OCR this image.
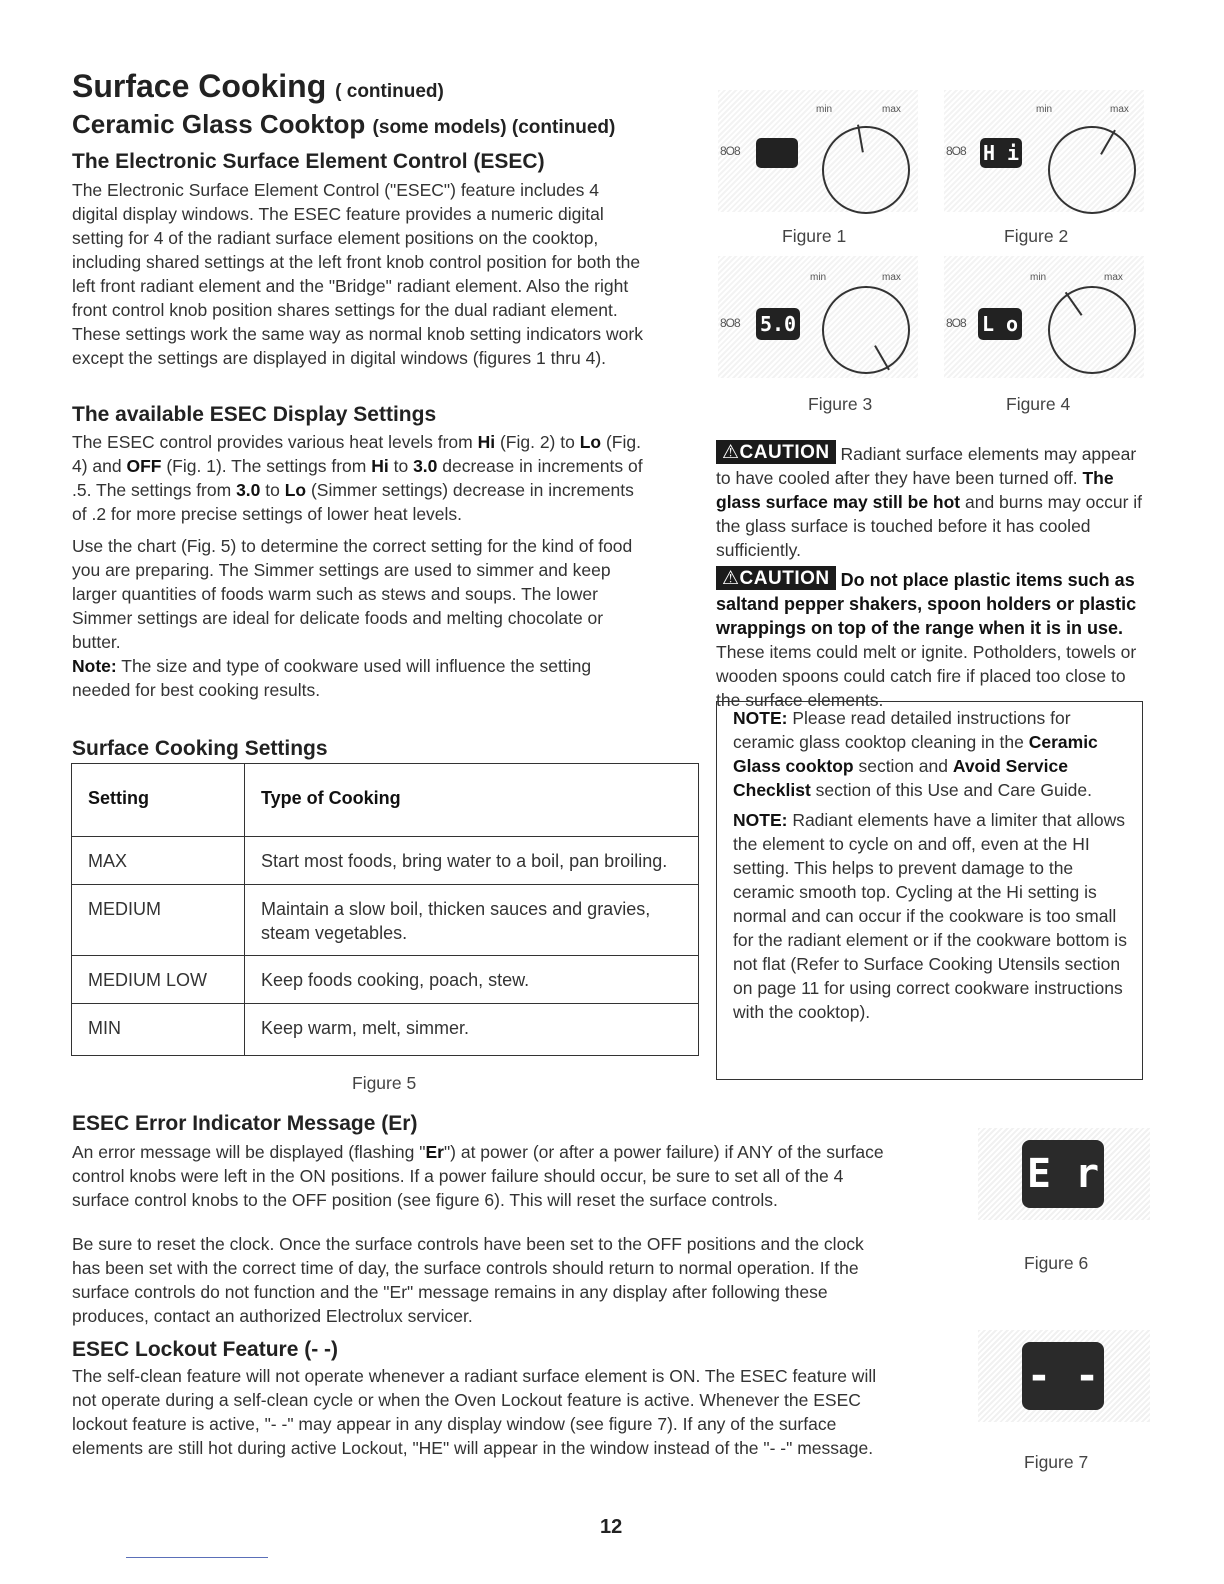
Surface Cooking ( continued)
Ceramic Glass Cooktop (some models) (continued)
The Electronic Surface Element Control (ESEC)

The Electronic Surface Element Control ("ESEC") feature includes 4 digital display windows. The ESEC feature provides a numeric digital setting for 4 of the radiant surface element positions on the cooktop, including shared settings at the left front knob control position for both the left front radiant element and the "Bridge" radiant element. Also the right front control knob position shares settings for the dual radiant element. These settings work the same way as normal knob setting indicators work except the settings are displayed in digital windows (figures 1 thru 4).

The available ESEC Display Settings

The ESEC control provides various heat levels from Hi (Fig. 2) to Lo (Fig. 4) and OFF (Fig. 1). The settings from Hi to 3.0 decrease in increments of .5. The settings from 3.0 to Lo (Simmer settings) decrease in increments of .2 for more precise settings of lower heat levels.

Use the chart (Fig. 5) to determine the correct setting for the kind of food you are preparing. The Simmer settings are used to simmer and keep larger quantities of foods warm such as stews and soups. The lower Simmer settings are ideal for delicate foods and melting chocolate or butter.

Note: The size and type of cookware used will influence the setting needed for best cooking results.

Surface Cooking Settings
Setting	Type of Cooking
MAX	Start most foods, bring water to a boil, pan broiling.
MEDIUM	Maintain a slow boil, thicken sauces and gravies, steam vegetables.
MEDIUM LOW	Keep foods cooking, poach, stew.
MIN	Keep warm, melt, simmer.
Figure 5
8O8
min	max
Figure 1
8O8 H i
min	max
Figure 2
8O8 5.0
min	max
Figure 3
8O8 L o
min	max
Figure 4

⚠CAUTION Radiant surface elements may appear to have cooled after they have been turned off. The glass surface may still be hot and burns may occur if the glass surface is touched before it has cooled sufficiently.

⚠CAUTION Do not place plastic items such as saltand pepper shakers, spoon holders or plastic wrappings on top of the range when it is in use. These items could melt or ignite. Potholders, towels or wooden spoons could catch fire if placed too close to the surface elements.

NOTE: Please read detailed instructions for ceramic glass cooktop cleaning in the Ceramic Glass cooktop section and Avoid Service Checklist section of this Use and Care Guide.

NOTE: Radiant elements have a limiter that allows the element to cycle on and off, even at the HI setting. This helps to prevent damage to the ceramic smooth top. Cycling at the Hi setting is normal and can occur if the cookware is too small for the radiant element or if the cookware bottom is not flat (Refer to Surface Cooking Utensils section on page 11 for using correct cookware instructions with the cooktop).

ESEC Error Indicator Message (Er)

An error message will be displayed (flashing "Er") at power (or after a power failure) if ANY of the surface control knobs were left in the ON positions. If a power failure should occur, be sure to set all of the 4 surface control knobs to the OFF position (see figure 6). This will reset the surface controls.

Be sure to reset the clock. Once the surface controls have been set to the OFF positions and the clock has been set with the correct time of day, the surface controls should return to normal operation. If the surface controls do not function and the "Er" message remains in any display after following these produces, contact an authorized Electrolux servicer.

E r
Figure 6
ESEC Lockout Feature (- -)

The self-clean feature will not operate whenever a radiant surface element is ON. The ESEC feature will not operate during a self-clean cycle or when the Oven Lockout feature is active. Whenever the ESEC lockout feature is active, "- -" may appear in any display window (see figure 7). If any of the surface elements are still hot during active Lockout, "HE" will appear in the window instead of the "- -" message.

- -
Figure 7
12
